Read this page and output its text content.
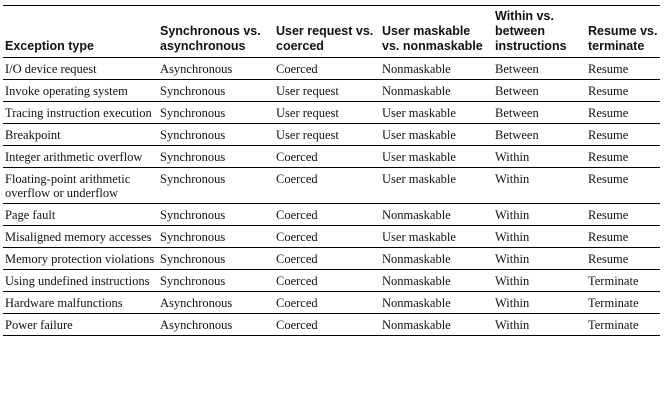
Exception type	Synchronous vs. asynchronous	User request vs. coerced	User maskable vs. nonmaskable	Within vs. between instructions	Resume vs. terminate
I/O device request	Asynchronous	Coerced	Nonmaskable	Between	Resume
Invoke operating system	Synchronous	User request	Nonmaskable	Between	Resume
Tracing instruction execution	Synchronous	User request	User maskable	Between	Resume
Breakpoint	Synchronous	User request	User maskable	Between	Resume
Integer arithmetic overflow	Synchronous	Coerced	User maskable	Within	Resume
Floating-point arithmetic overflow or underflow	Synchronous	Coerced	User maskable	Within	Resume
Page fault	Synchronous	Coerced	Nonmaskable	Within	Resume
Misaligned memory accesses	Synchronous	Coerced	User maskable	Within	Resume
Memory protection violations	Synchronous	Coerced	Nonmaskable	Within	Resume
Using undefined instructions	Synchronous	Coerced	Nonmaskable	Within	Terminate
Hardware malfunctions	Asynchronous	Coerced	Nonmaskable	Within	Terminate
Power failure	Asynchronous	Coerced	Nonmaskable	Within	Terminate
